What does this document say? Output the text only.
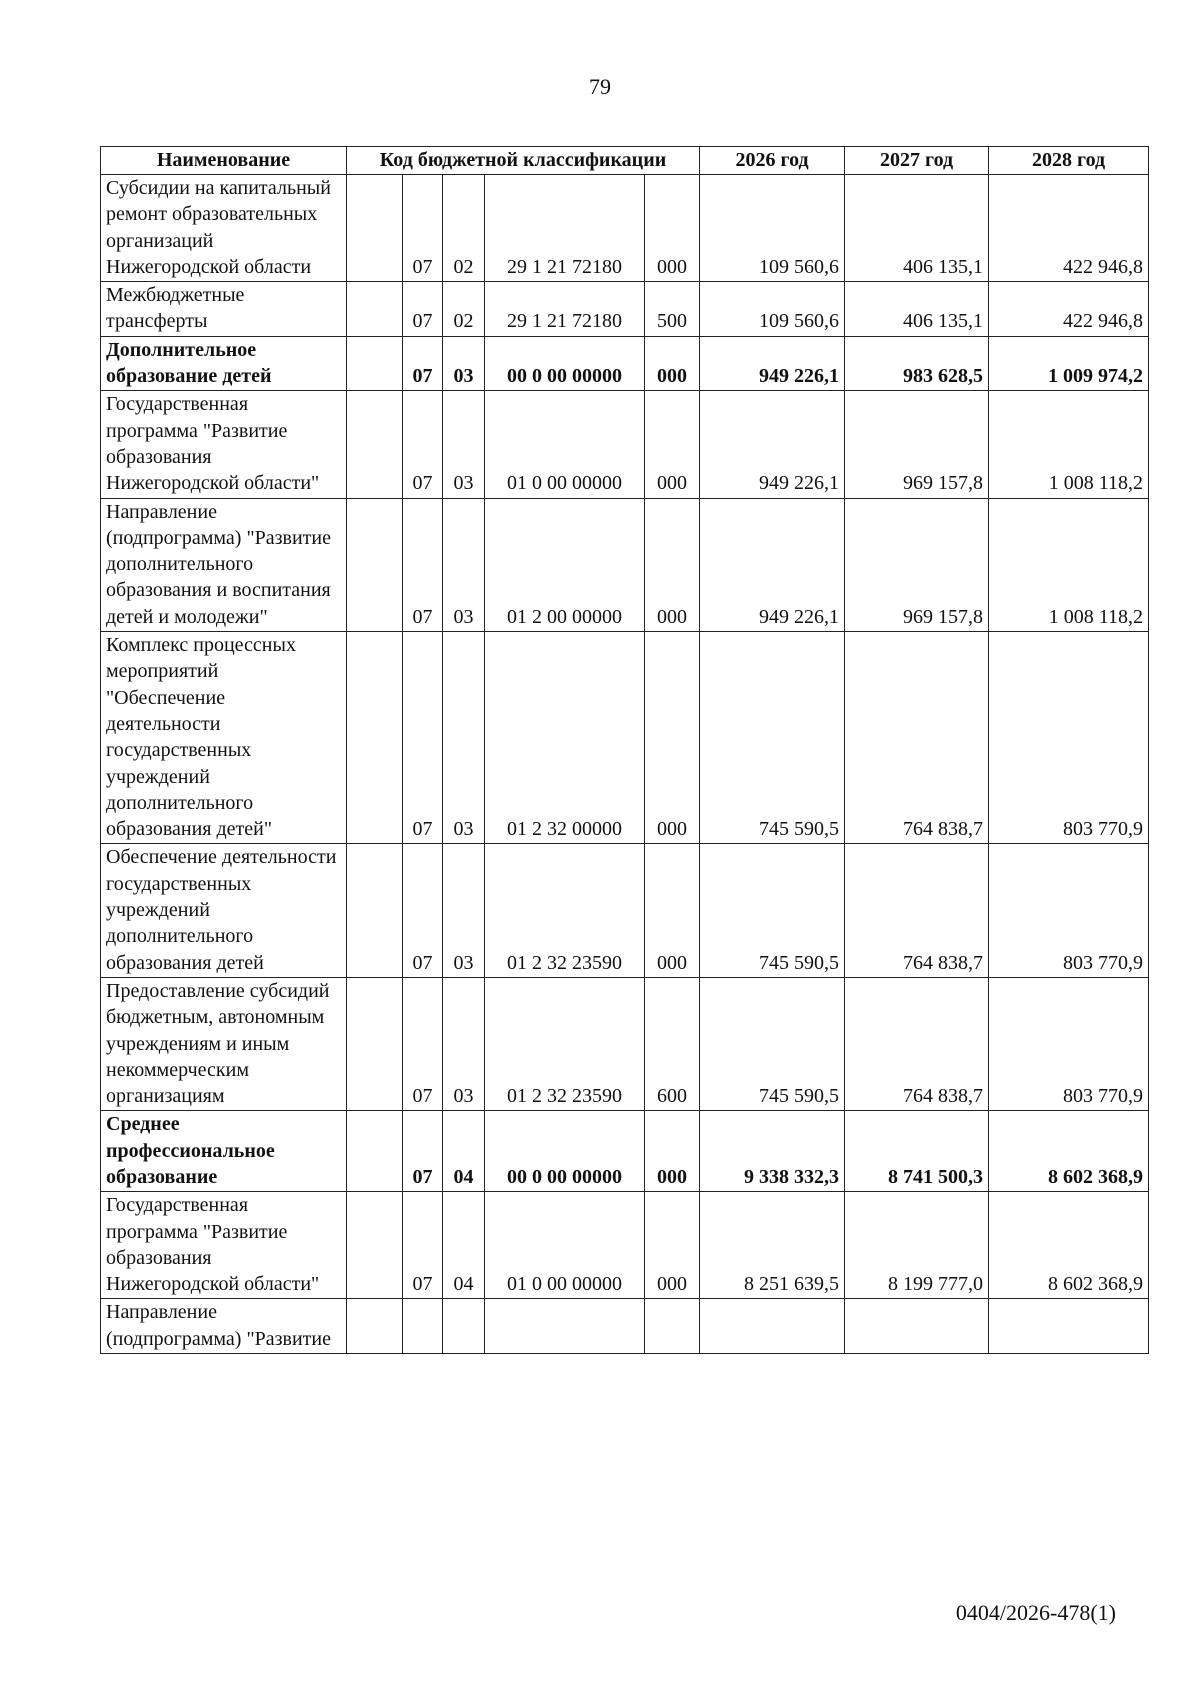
79
Наименование	Код бюджетной классификации					2026 год	2027 год	2028 год
Субсидии на капитальный ремонт образовательных организаций Нижегородской области		07	02	29 1 21 72180	000	109 560,6	406 135,1	422 946,8
Межбюджетные трансферты		07	02	29 1 21 72180	500	109 560,6	406 135,1	422 946,8
Дополнительное образование детей		07	03	00 0 00 00000	000	949 226,1	983 628,5	1 009 974,2
Государственная программа "Развитие образования Нижегородской области"		07	03	01 0 00 00000	000	949 226,1	969 157,8	1 008 118,2
Направление (подпрограмма) "Развитие дополнительного образования и воспитания детей и молодежи"		07	03	01 2 00 00000	000	949 226,1	969 157,8	1 008 118,2
Комплекс процессных мероприятий "Обеспечение деятельности государственных учреждений дополнительного образования детей"		07	03	01 2 32 00000	000	745 590,5	764 838,7	803 770,9
Обеспечение деятельности государственных учреждений дополнительного образования детей		07	03	01 2 32 23590	000	745 590,5	764 838,7	803 770,9
Предоставление субсидий бюджетным, автономным учреждениям и иным некоммерческим организациям		07	03	01 2 32 23590	600	745 590,5	764 838,7	803 770,9
Среднее профессиональное образование		07	04	00 0 00 00000	000	9 338 332,3	8 741 500,3	8 602 368,9
Государственная программа "Развитие образования Нижегородской области"		07	04	01 0 00 00000	000	8 251 639,5	8 199 777,0	8 602 368,9
Направление (подпрограмма) "Развитие								
0404/2026-478(1)
